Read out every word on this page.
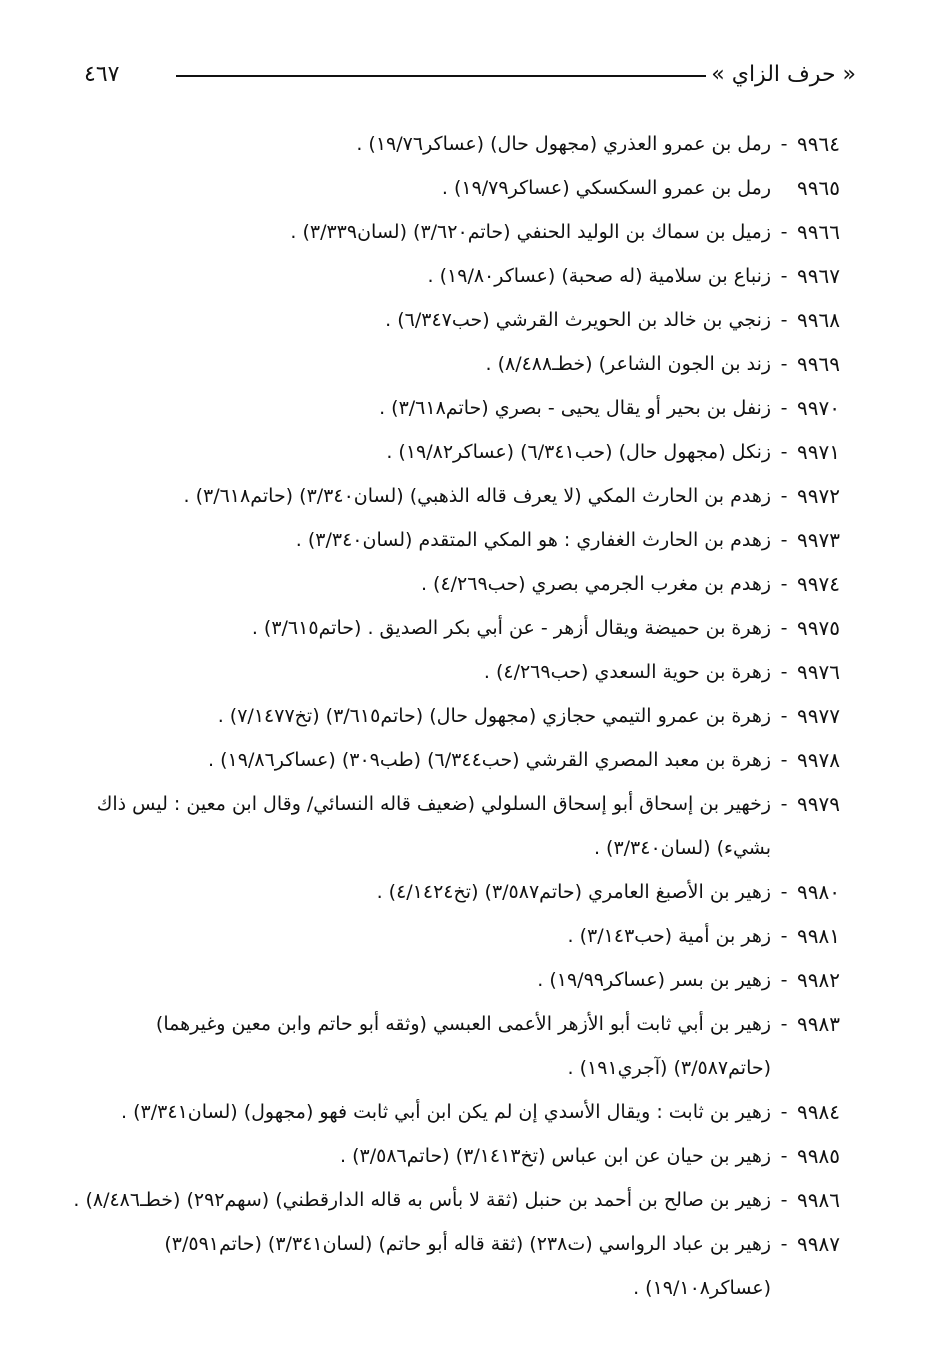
« حرف الزاي »
٤٦٧
٩٩٦٤
-
رمل بن عمرو العذري (مجهول حال) (عساكر١٩/٧٦) .
٩٩٦٥
رمل بن عمرو السكسكي (عساكر١٩/٧٩) .
٩٩٦٦
-
زميل بن سماك بن الوليد الحنفي (حاتم٣/٦٢٠) (لسان٣/٣٣٩) .
٩٩٦٧
-
زنباع بن سلامية (له صحبة) (عساكر١٩/٨٠) .
٩٩٦٨
-
زنجي بن خالد بن الحويرث القرشي (حب٦/٣٤٧) .
٩٩٦٩
-
زند بن الجون الشاعر) (خطـ٨/٤٨٨) .
٩٩٧٠
-
زنفل بن بحير أو يقال يحيى - بصري (حاتم٣/٦١٨) .
٩٩٧١
-
زنكل (مجهول حال) (حب٦/٣٤١) (عساكر١٩/٨٢) .
٩٩٧٢
-
زهدم بن الحارث المكي (لا يعرف قاله الذهبي) (لسان٣/٣٤٠) (حاتم٣/٦١٨) .
٩٩٧٣
-
زهدم بن الحارث الغفاري : هو المكي المتقدم (لسان٣/٣٤٠) .
٩٩٧٤
-
زهدم بن مغرب الجرمي بصري (حب٤/٢٦٩) .
٩٩٧٥
-
زهرة بن حميضة ويقال أزهر - عن أبي بكر الصديق . (حاتم٣/٦١٥) .
٩٩٧٦
-
زهرة بن حوية السعدي (حب٤/٢٦٩) .
٩٩٧٧
-
زهرة بن عمرو التيمي حجازي (مجهول حال) (حاتم٣/٦١٥) (تخ٧/١٤٧٧) .
٩٩٧٨
-
زهرة بن معبد المصري القرشي (حب٦/٣٤٤) (طب٣٠٩) (عساكر١٩/٨٦) .
٩٩٧٩
-
زخهير بن إسحاق أبو إسحاق السلولي (ضعيف قاله النسائي/ وقال ابن معين : ليس ذاك بشيء) (لسان٣/٣٤٠) .
٩٩٨٠
-
زهير بن الأصبغ العامري (حاتم٣/٥٨٧) (تخ٤/١٤٢٤) .
٩٩٨١
-
زهر بن أمية (حب٣/١٤٣) .
٩٩٨٢
-
زهير بن بسر (عساكر١٩/٩٩) .
٩٩٨٣
-
زهير بن أبي ثابت أبو الأزهر الأعمى العبسي (وثقه أبو حاتم وابن معين وغيرهما) (حاتم٣/٥٨٧) (آجري١٩١) .
٩٩٨٤
-
زهير بن ثابت : ويقال الأسدي إن لم يكن ابن أبي ثابت فهو (مجهول) (لسان٣/٣٤١) .
٩٩٨٥
-
زهير بن حيان عن ابن عباس (تخ٣/١٤١٣) (حاتم٣/٥٨٦) .
٩٩٨٦
-
زهير بن صالح بن أحمد بن حنبل (ثقة لا بأس به قاله الدارقطني) (سهم٢٩٢) (خطـ٨/٤٨٦) .
٩٩٨٧
-
زهير بن عباد الرواسي (ت٢٣٨) (ثقة قاله أبو حاتم) (لسان٣/٣٤١) (حاتم٣/٥٩١) (عساكر١٩/١٠٨) .
